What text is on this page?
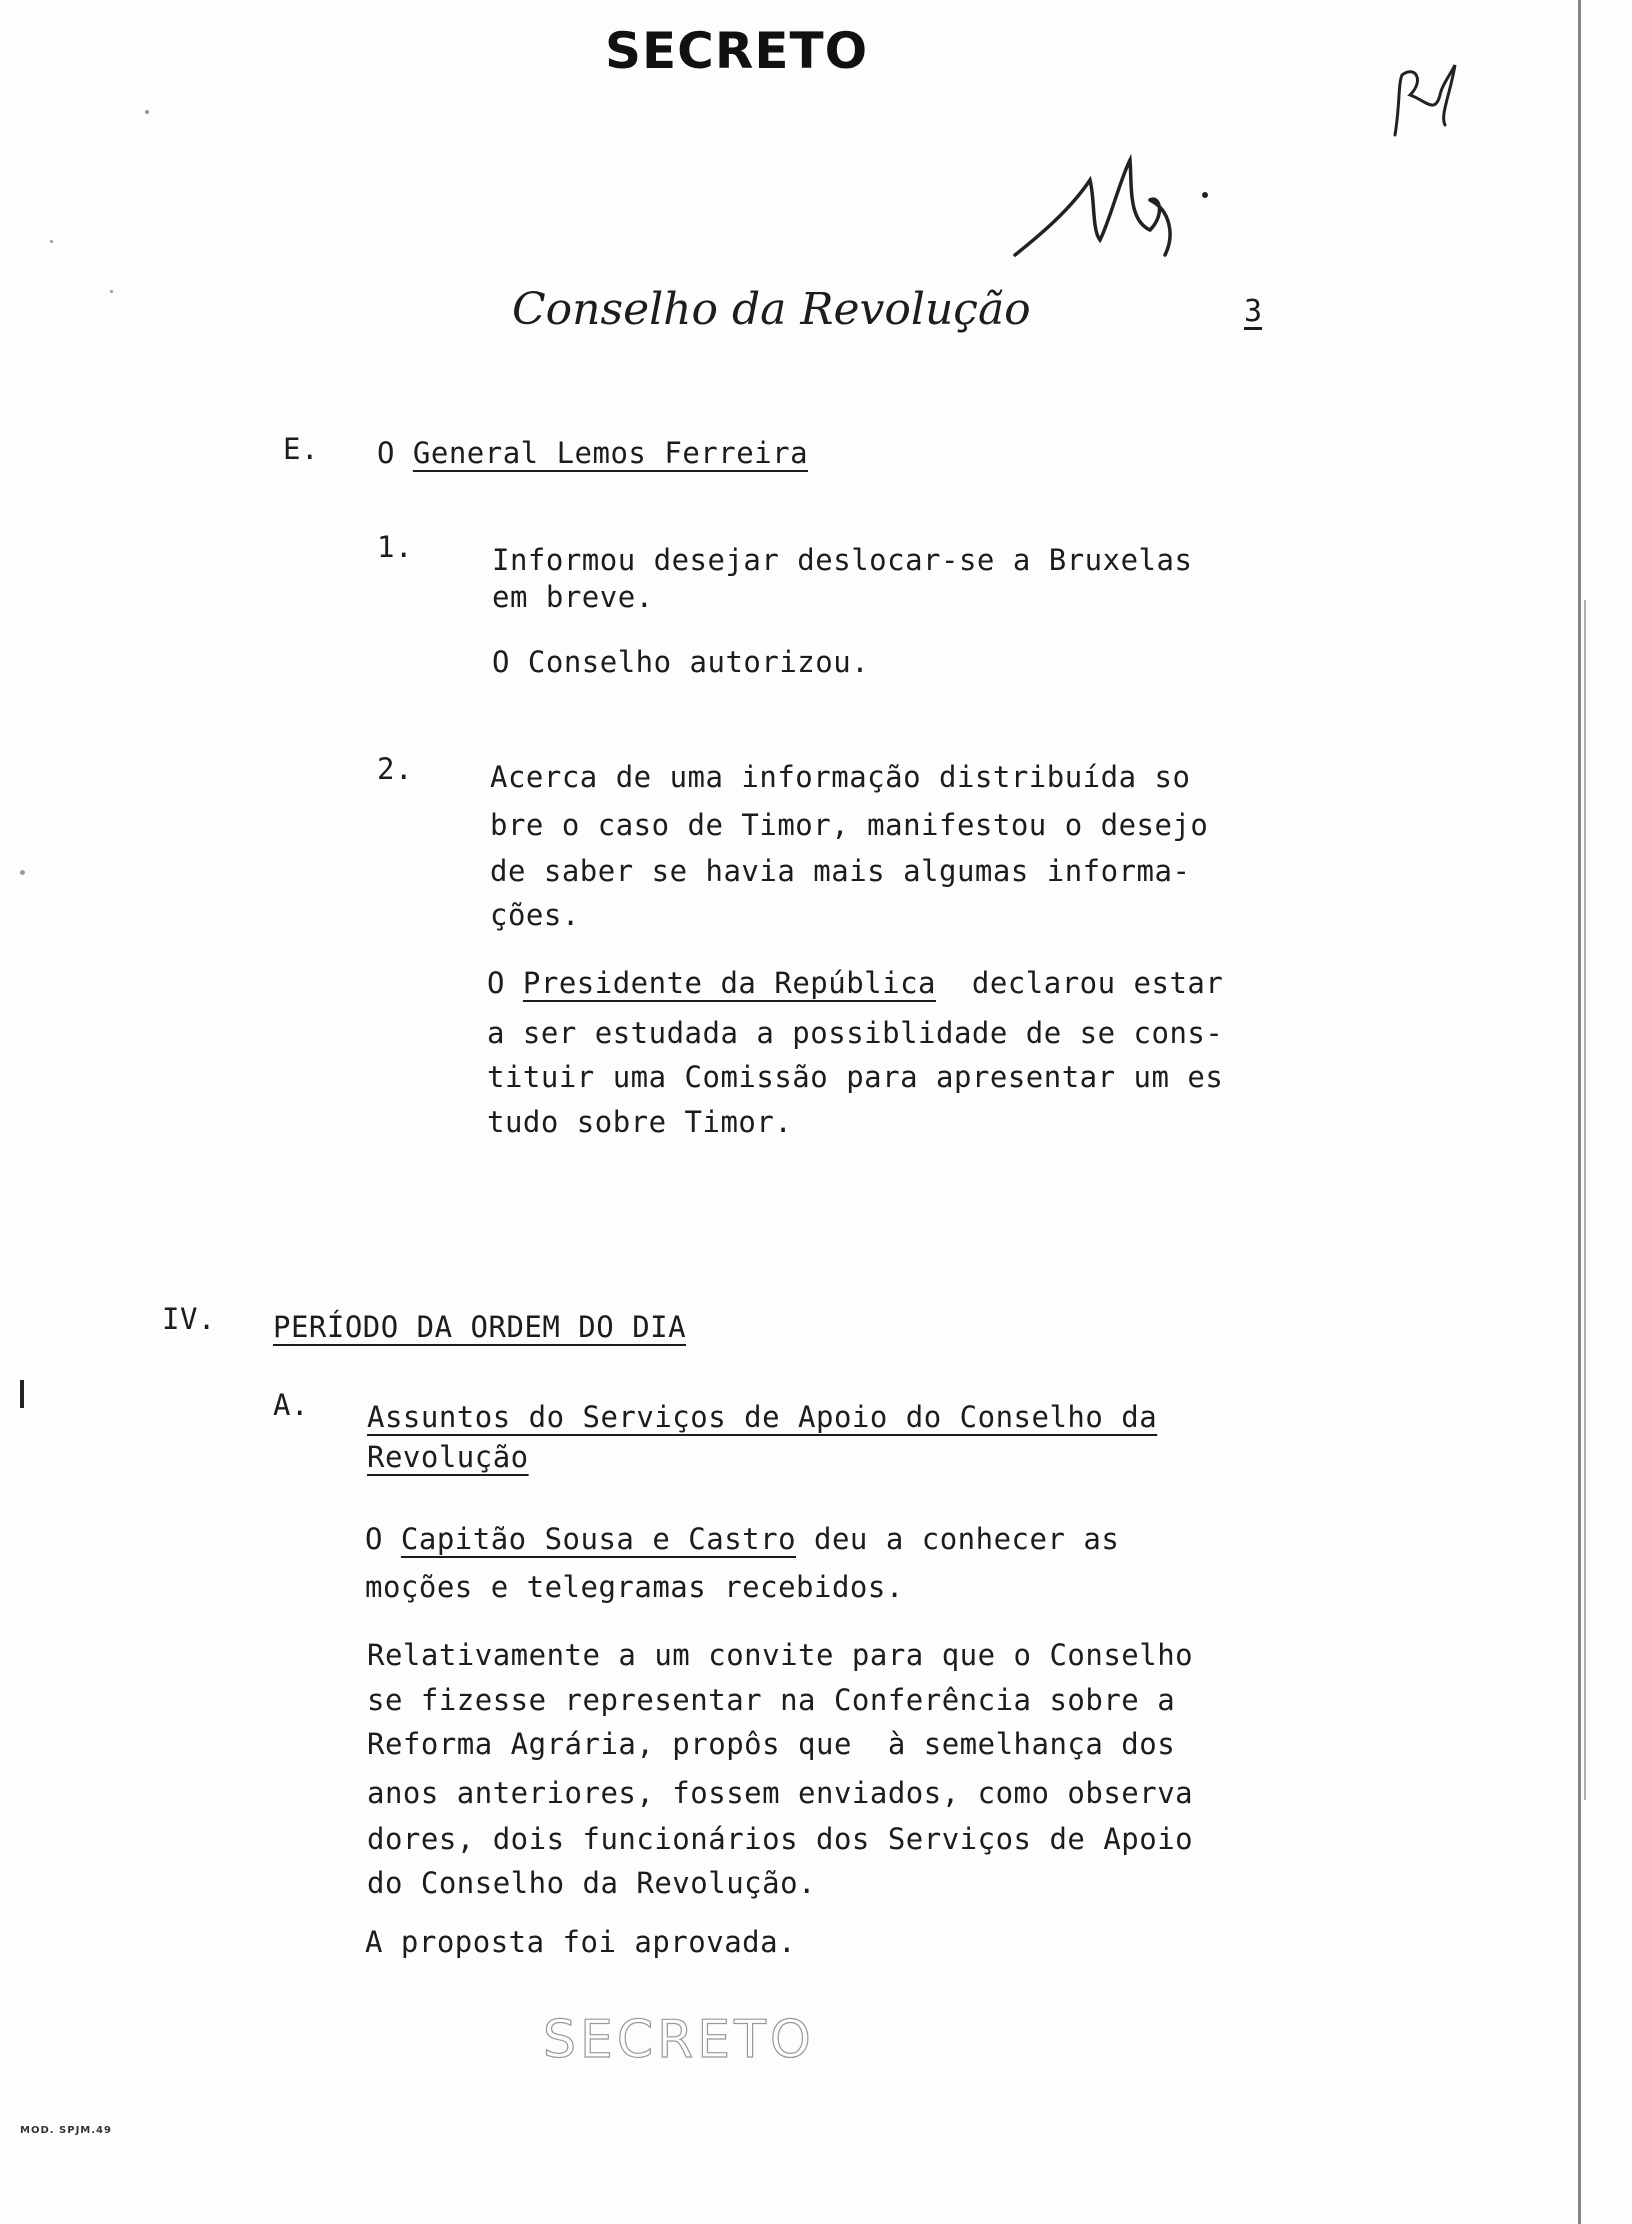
SECRETO
Conselho da Revolução	3
E. O General Lemos Ferreira
1.	Informou desejar deslocar-se a Bruxelas
em breve.
O Conselho autorizou.
2.	Acerca de uma informação distribuída so
bre o caso de Timor, manifestou o desejo
de saber se havia mais algumas informa-
ções.
O Presidente da República  declarou estar
a ser estudada a possiblidade de se cons-
tituir uma Comissão para apresentar um es
tudo sobre Timor.
IV. PERÍODO DA ORDEM DO DIA
A. Assuntos do Serviços de Apoio do Conselho da
Revolução
O Capitão Sousa e Castro deu a conhecer as
moções e telegramas recebidos.
Relativamente a um convite para que o Conselho
se fizesse representar na Conferência sobre a
Reforma Agrária, propôs que  à semelhança dos
anos anteriores, fossem enviados, como observa
dores, dois funcionários dos Serviços de Apoio
do Conselho da Revolução.
A proposta foi aprovada.
SECRETO
MOD. SPJM.49
